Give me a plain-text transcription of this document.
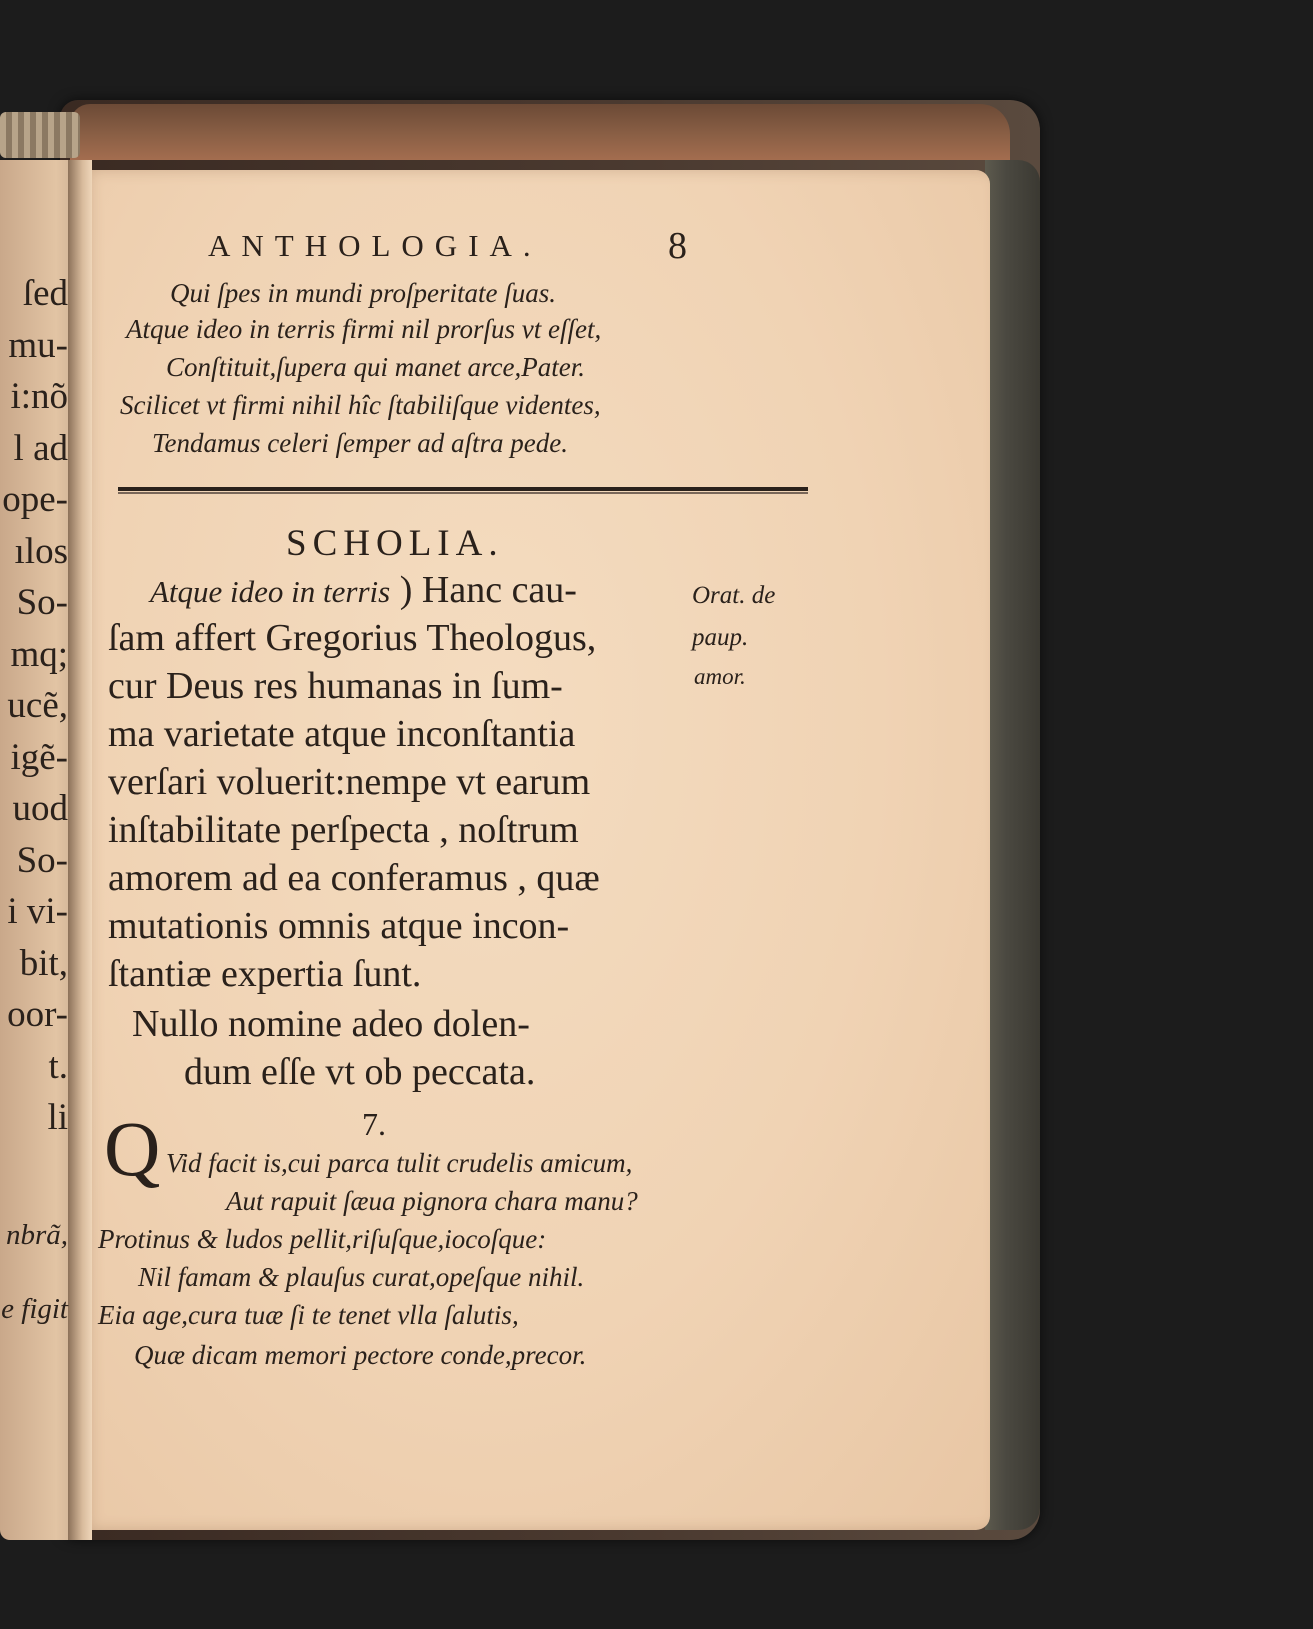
ſed
mu-
i:nõ
l ad
ope-
ılos
So-
mq;
ucẽ,
igẽ-
uod
So-
i vi-
bit,
oor-
t.
li
nbrã,
e figit
ANTHOLOGIA.	8
Qui ſpes in mundi proſperitate ſuas.
Atque ideo in terris firmi nil prorſus vt eſſet,
Conſtituit,ſupera qui manet arce,Pater.
Scilicet vt firmi nihil hîc ſtabiliſque videntes,
Tendamus celeri ſemper ad aſtra pede.
SCHOLIA.
Atque ideo in terris ) Hanc cau-
ſam affert Gregorius Theologus,
cur Deus res humanas in ſum-
ma varietate atque inconſtantia
verſari voluerit:nempe vt earum
inſtabilitate perſpecta , noſtrum
amorem ad ea conferamus , quæ
mutationis omnis atque incon-
ſtantiæ expertia ſunt.
Orat. de
paup.
amor.
Nullo nomine adeo dolen-
dum eſſe vt ob peccata.
7.
Q Vid facit is,cui parca tulit crudelis amicum,
Aut rapuit ſæua pignora chara manu?
Protinus & ludos pellit,riſuſque,iocoſque:
Nil famam & plauſus curat,opeſque nihil.
Eia age,cura tuæ ſi te tenet vlla ſalutis,
Quæ dicam memori pectore conde,precor.
